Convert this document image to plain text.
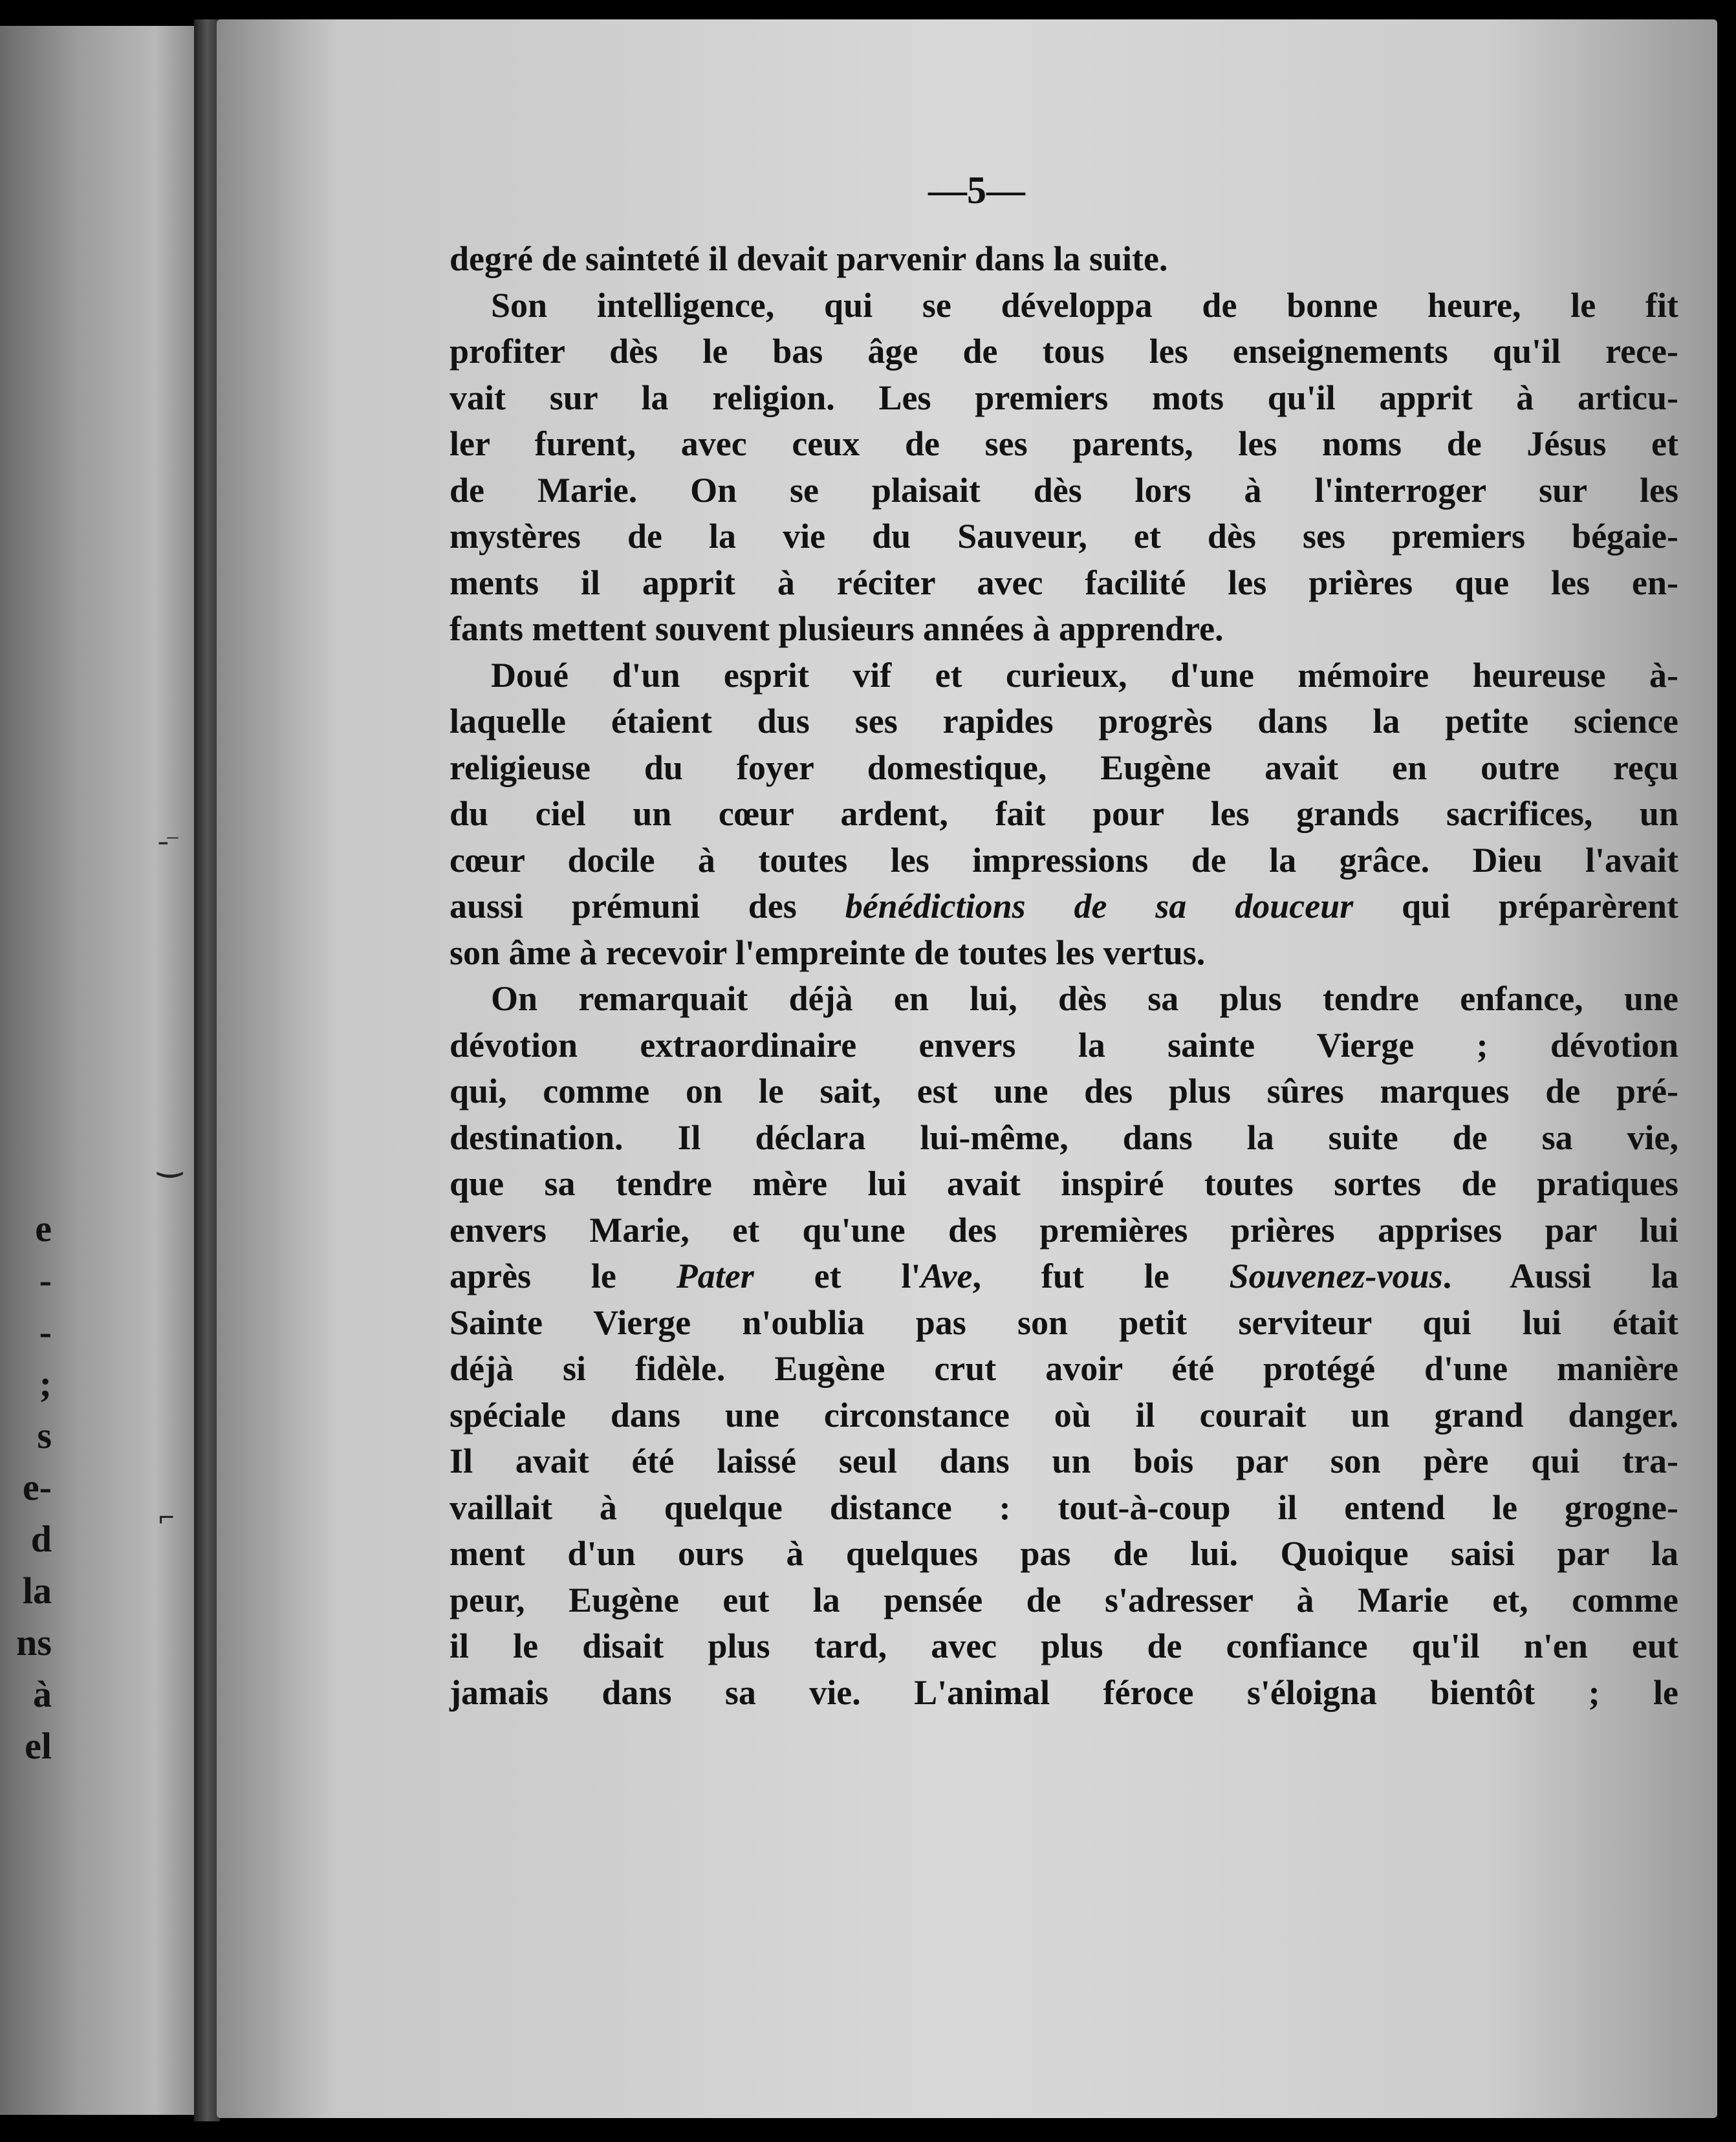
e
-
-
;
s
e-
d
la
ns
à
el
—5—
degré de sainteté il devait parvenir dans la suite.
Son intelligence, qui se développa de bonne heure, le fit
profiter dès le bas âge de tous les enseignements qu'il rece-
vait sur la religion. Les premiers mots qu'il apprit à articu-
ler furent, avec ceux de ses parents, les noms de Jésus et
de Marie. On se plaisait dès lors à l'interroger sur les
mystères de la vie du Sauveur, et dès ses premiers bégaie-
ments il apprit à réciter avec facilité les prières que les en-
fants mettent souvent plusieurs années à apprendre.
Doué d'un esprit vif et curieux, d'une mémoire heureuse à-
laquelle étaient dus ses rapides progrès dans la petite science
religieuse du foyer domestique, Eugène avait en outre reçu
du ciel un cœur ardent, fait pour les grands sacrifices, un
cœur docile à toutes les impressions de la grâce. Dieu l'avait
aussi prémuni des bénédictions de sa douceur qui préparèrent
son âme à recevoir l'empreinte de toutes les vertus.
On remarquait déjà en lui, dès sa plus tendre enfance, une
dévotion extraordinaire envers la sainte Vierge ; dévotion
qui, comme on le sait, est une des plus sûres marques de pré-
destination. Il déclara lui-même, dans la suite de sa vie,
que sa tendre mère lui avait inspiré toutes sortes de pratiques
envers Marie, et qu'une des premières prières apprises par lui
après le Pater et l'Ave, fut le Souvenez-vous. Aussi la
Sainte Vierge n'oublia pas son petit serviteur qui lui était
déjà si fidèle. Eugène crut avoir été protégé d'une manière
spéciale dans une circonstance où il courait un grand danger.
Il avait été laissé seul dans un bois par son père qui tra-
vaillait à quelque distance : tout-à-coup il entend le grogne-
ment d'un ours à quelques pas de lui. Quoique saisi par la
peur, Eugène eut la pensée de s'adresser à Marie et, comme
il le disait plus tard, avec plus de confiance qu'il n'en eut
jamais dans sa vie. L'animal féroce s'éloigna bientôt ; le
ˉ‾
‿
⌐
